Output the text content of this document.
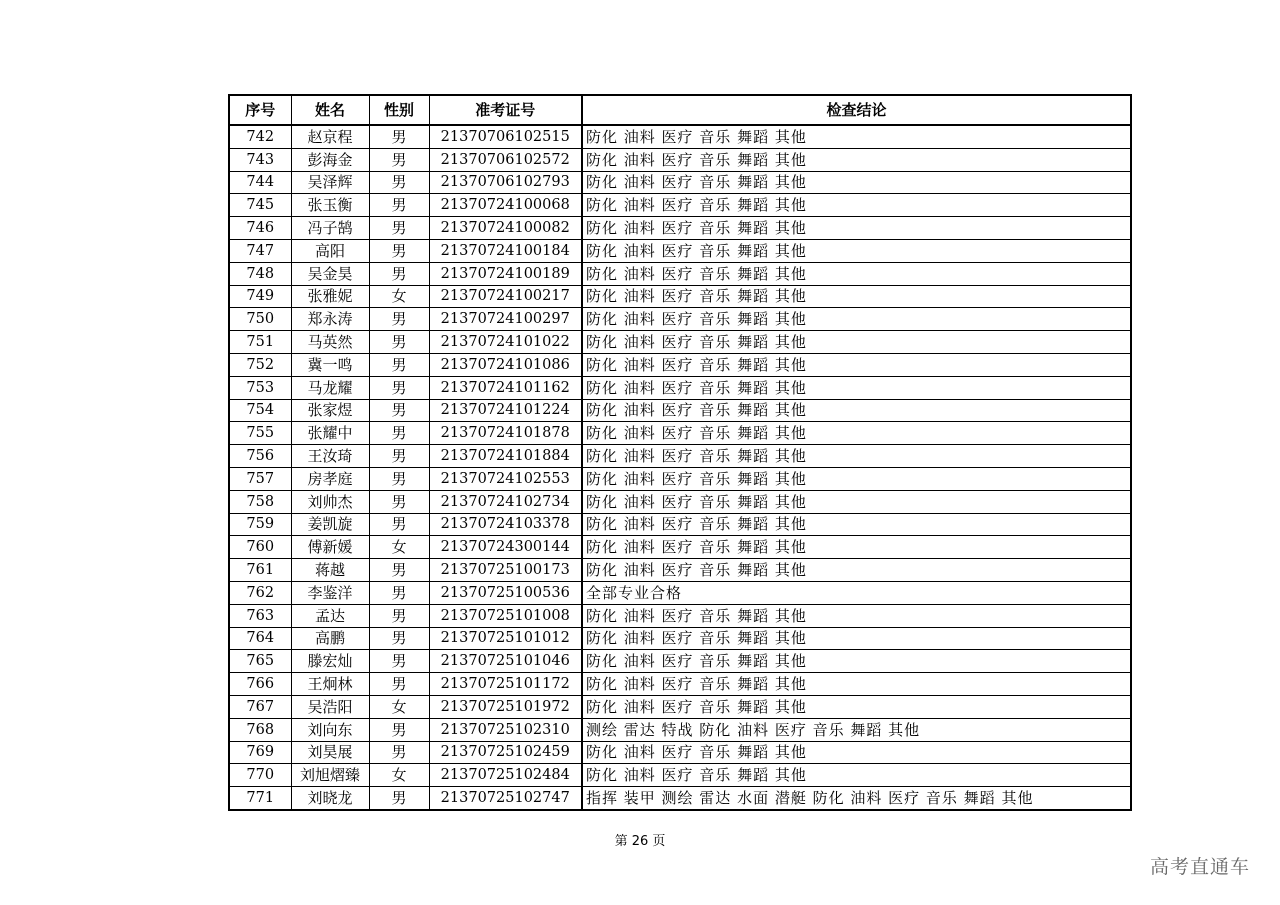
序号	姓名	性别	准考证号	检查结论
742	赵京程	男	21370706102515	防化 油料 医疗 音乐 舞蹈 其他
743	彭海金	男	21370706102572	防化 油料 医疗 音乐 舞蹈 其他
744	吴泽辉	男	21370706102793	防化 油料 医疗 音乐 舞蹈 其他
745	张玉衡	男	21370724100068	防化 油料 医疗 音乐 舞蹈 其他
746	冯子鹄	男	21370724100082	防化 油料 医疗 音乐 舞蹈 其他
747	高阳	男	21370724100184	防化 油料 医疗 音乐 舞蹈 其他
748	吴金昊	男	21370724100189	防化 油料 医疗 音乐 舞蹈 其他
749	张雅妮	女	21370724100217	防化 油料 医疗 音乐 舞蹈 其他
750	郑永涛	男	21370724100297	防化 油料 医疗 音乐 舞蹈 其他
751	马英然	男	21370724101022	防化 油料 医疗 音乐 舞蹈 其他
752	冀一鸣	男	21370724101086	防化 油料 医疗 音乐 舞蹈 其他
753	马龙耀	男	21370724101162	防化 油料 医疗 音乐 舞蹈 其他
754	张家煜	男	21370724101224	防化 油料 医疗 音乐 舞蹈 其他
755	张耀中	男	21370724101878	防化 油料 医疗 音乐 舞蹈 其他
756	王汝琦	男	21370724101884	防化 油料 医疗 音乐 舞蹈 其他
757	房孝庭	男	21370724102553	防化 油料 医疗 音乐 舞蹈 其他
758	刘帅杰	男	21370724102734	防化 油料 医疗 音乐 舞蹈 其他
759	姜凯旋	男	21370724103378	防化 油料 医疗 音乐 舞蹈 其他
760	傅新媛	女	21370724300144	防化 油料 医疗 音乐 舞蹈 其他
761	蒋越	男	21370725100173	防化 油料 医疗 音乐 舞蹈 其他
762	李鉴洋	男	21370725100536	全部专业合格
763	孟达	男	21370725101008	防化 油料 医疗 音乐 舞蹈 其他
764	高鹏	男	21370725101012	防化 油料 医疗 音乐 舞蹈 其他
765	滕宏灿	男	21370725101046	防化 油料 医疗 音乐 舞蹈 其他
766	王炯林	男	21370725101172	防化 油料 医疗 音乐 舞蹈 其他
767	吴浩阳	女	21370725101972	防化 油料 医疗 音乐 舞蹈 其他
768	刘向东	男	21370725102310	测绘 雷达 特战 防化 油料 医疗 音乐 舞蹈 其他
769	刘昊展	男	21370725102459	防化 油料 医疗 音乐 舞蹈 其他
770	刘旭熠臻	女	21370725102484	防化 油料 医疗 音乐 舞蹈 其他
771	刘晓龙	男	21370725102747	指挥 装甲 测绘 雷达 水面 潜艇 防化 油料 医疗 音乐 舞蹈 其他
第 26 页
高考直通车
